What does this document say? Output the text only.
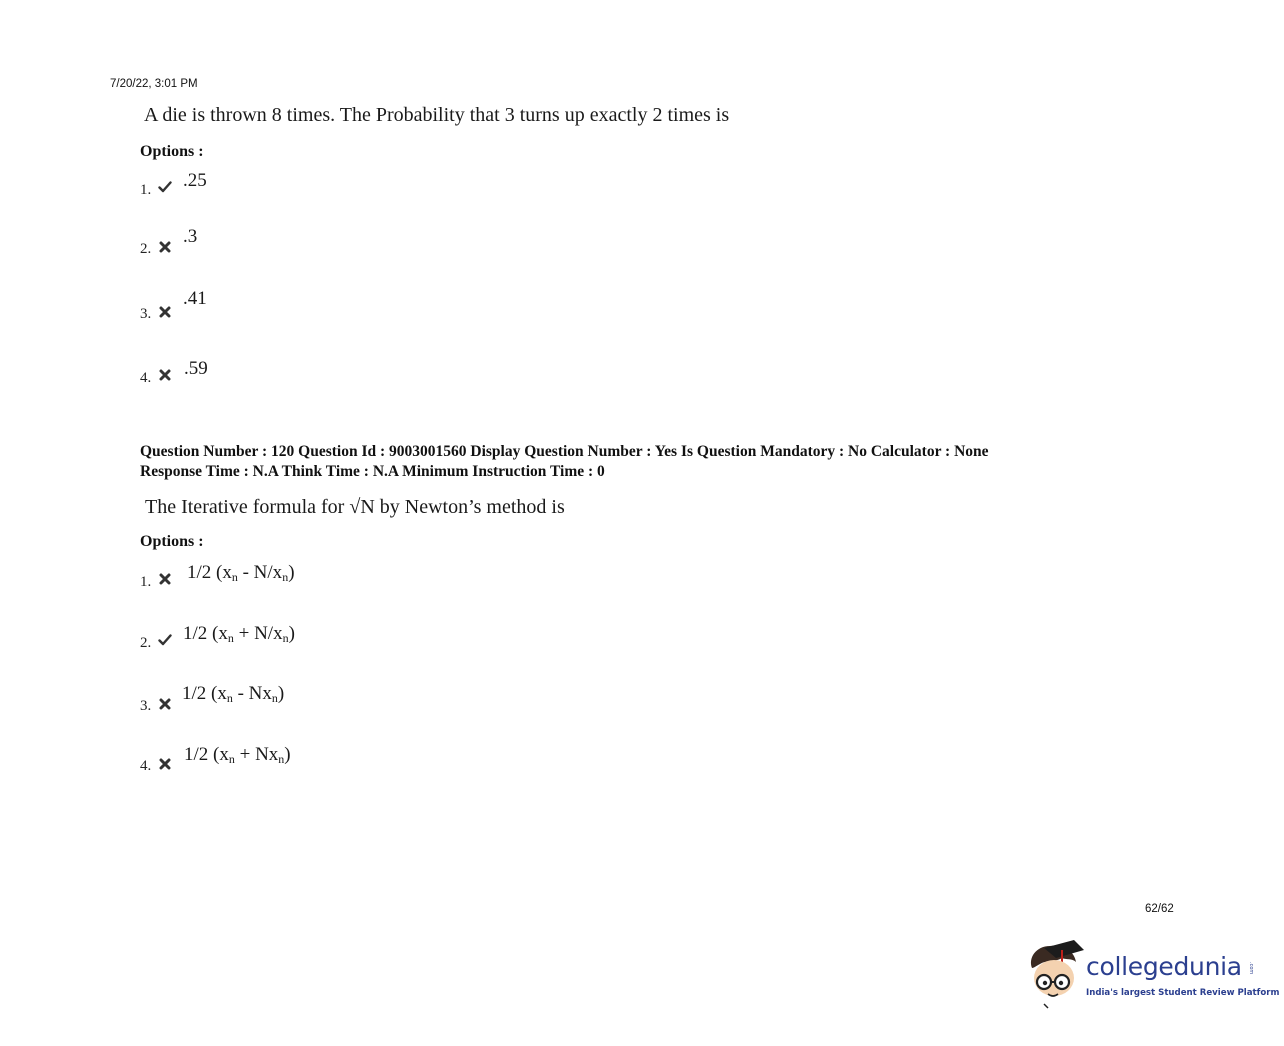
7/20/22, 3:01 PM
A die is thrown 8 times. The Probability that 3 turns up exactly 2 times is
Options :
1. .25
2.
.3
3.
.41
4. .59
Question Number : 120 Question Id : 9003001560 Display Question Number : Yes Is Question Mandatory : No Calculator : None
Response Time : N.A Think Time : N.A Minimum Instruction Time : 0
The Iterative formula for √N by Newton’s method is
Options :
1. 1/2 $(x_n - N/x_n)$
2. 1/2 $(x_n + N/x_n)$
3.
1/2 $(x_n - Nx_n)$
4.
1/2 $(x_n + Nx_n)$
62/62
collegedunia .com
India's largest Student Review Platform
